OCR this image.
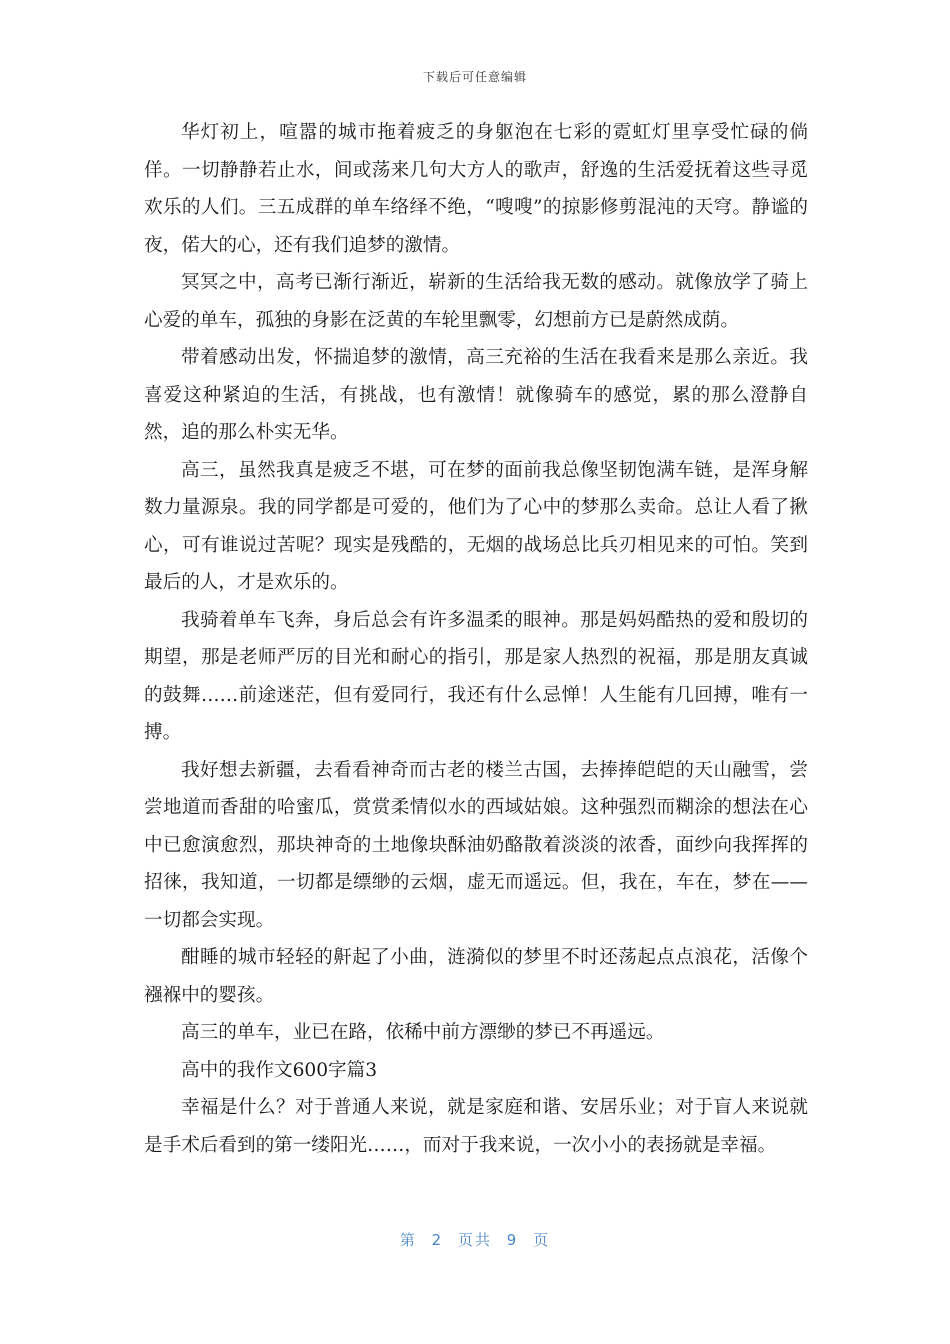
下载后可任意编辑

华灯初上，喧嚣的城市拖着疲乏的身躯泡在七彩的霓虹灯里享受忙碌的倘佯。一切静静若止水，间或荡来几句大方人的歌声，舒逸的生活爱抚着这些寻觅欢乐的人们。三五成群的单车络绎不绝，“嗖嗖”的掠影修剪混沌的天穹。静谧的夜，偌大的心，还有我们追梦的激情。

冥冥之中，高考已渐行渐近，崭新的生活给我无数的感动。就像放学了骑上心爱的单车，孤独的身影在泛黄的车轮里飘零，幻想前方已是蔚然成荫。

带着感动出发，怀揣追梦的激情，高三充裕的生活在我看来是那么亲近。我喜爱这种紧迫的生活，有挑战，也有激情！就像骑车的感觉，累的那么澄静自然，追的那么朴实无华。

高三，虽然我真是疲乏不堪，可在梦的面前我总像坚韧饱满车链，是浑身解数力量源泉。我的同学都是可爱的，他们为了心中的梦那么卖命。总让人看了揪心，可有谁说过苦呢？现实是残酷的，无烟的战场总比兵刃相见来的可怕。笑到最后的人，才是欢乐的。

我骑着单车飞奔，身后总会有许多温柔的眼神。那是妈妈酷热的爱和殷切的期望，那是老师严厉的目光和耐心的指引，那是家人热烈的祝福，那是朋友真诚的鼓舞……前途迷茫，但有爱同行，我还有什么忌惮！人生能有几回搏，唯有一搏。

我好想去新疆，去看看神奇而古老的楼兰古国，去捧捧皑皑的天山融雪，尝尝地道而香甜的哈蜜瓜，赏赏柔情似水的西域姑娘。这种强烈而糊涂的想法在心中已愈演愈烈，那块神奇的土地像块酥油奶酪散着淡淡的浓香，面纱向我挥挥的招徕，我知道，一切都是缥缈的云烟，虚无而遥远。但，我在，车在，梦在——一切都会实现。

酣睡的城市轻轻的鼾起了小曲，涟漪似的梦里不时还荡起点点浪花，活像个襁褓中的婴孩。

高三的单车，业已在路，依稀中前方漂缈的梦已不再遥远。

高中的我作文600字篇3

幸福是什么？对于普通人来说，就是家庭和谐、安居乐业；对于盲人来说就是手术后看到的第一缕阳光……，而对于我来说，一次小小的表扬就是幸福。

第 2 页共 9 页
